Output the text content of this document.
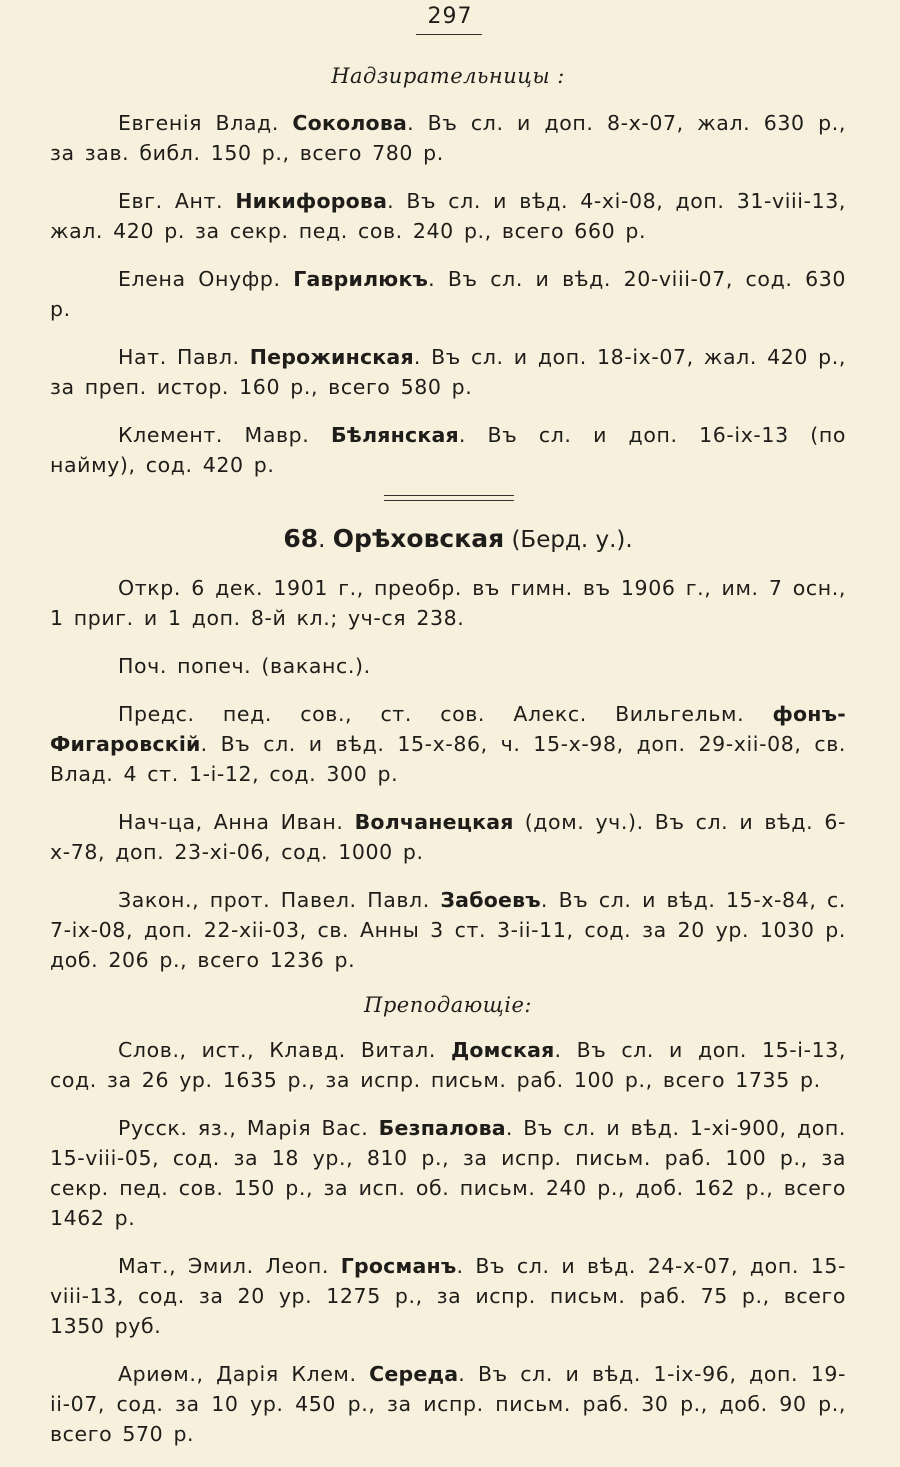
297
Надзирательницы :

Евгенія Влад. Соколова. Въ сл. и доп. 8-х-07, жал. 630 р., за зав. библ. 150 р., всего 780 р.

Евг. Ант. Никифорова. Въ сл. и вѣд. 4-хі-08, доп. 31-vііі-13, жал. 420 р. за секр. пед. сов. 240 р., всего 660 р.

Елена Онуфр. Гаврилюкъ. Въ сл. и вѣд. 20-vііі-07, сод. 630 р.

Нат. Павл. Перожинская. Въ сл. и доп. 18-іх-07, жал. 420 р., за преп. истор. 160 р., всего 580 р.

Клемент. Мавр. Бѣлянская. Въ сл. и доп. 16-іх-13 (по найму), сод. 420 р.

68. Орѣховская (Берд. у.).

Откр. 6 дек. 1901 г., преобр. въ гимн. въ 1906 г., им. 7 осн., 1 приг. и 1 доп. 8-й кл.; уч-ся 238.

Поч. попеч. (ваканс.).

Предс. пед. сов., ст. сов. Алекс. Вильгельм. фонъ-Фигаровскій. Въ сл. и вѣд. 15-х-86, ч. 15-х-98, доп. 29-хіі-08, св. Влад. 4 ст. 1-і-12, сод. 300 р.

Нач-ца, Анна Иван. Волчанецкая (дом. уч.). Въ сл. и вѣд. 6-х-78, доп. 23-хі-06, сод. 1000 р.

Закон., прот. Павел. Павл. Забоевъ. Въ сл. и вѣд. 15-х-84, с. 7-іх-08, доп. 22-хіі-03, св. Анны 3 ст. 3-іі-11, сод. за 20 ур. 1030 р. доб. 206 р., всего 1236 р.

Преподающіе:

Слов., ист., Клавд. Витал. Домская. Въ сл. и доп. 15-і-13, сод. за 26 ур. 1635 р., за испр. письм. раб. 100 р., всего 1735 р.

Русск. яз., Марія Вас. Безпалова. Въ сл. и вѣд. 1-хі-900, доп. 15-vііі-05, сод. за 18 ур., 810 р., за испр. письм. раб. 100 р., за секр. пед. сов. 150 р., за исп. об. письм. 240 р., доб. 162 р., всего 1462 р.

Мат., Эмил. Леоп. Гросманъ. Въ сл. и вѣд. 24-х-07, доп. 15-vііі-13, сод. за 20 ур. 1275 р., за испр. письм. раб. 75 р., всего 1350 руб.

Ариѳм., Дарія Клем. Середа. Въ сл. и вѣд. 1-іх-96, доп. 19-іі-07, сод. за 10 ур. 450 р., за испр. письм. раб. 30 р., доб. 90 р., всего 570 р.
